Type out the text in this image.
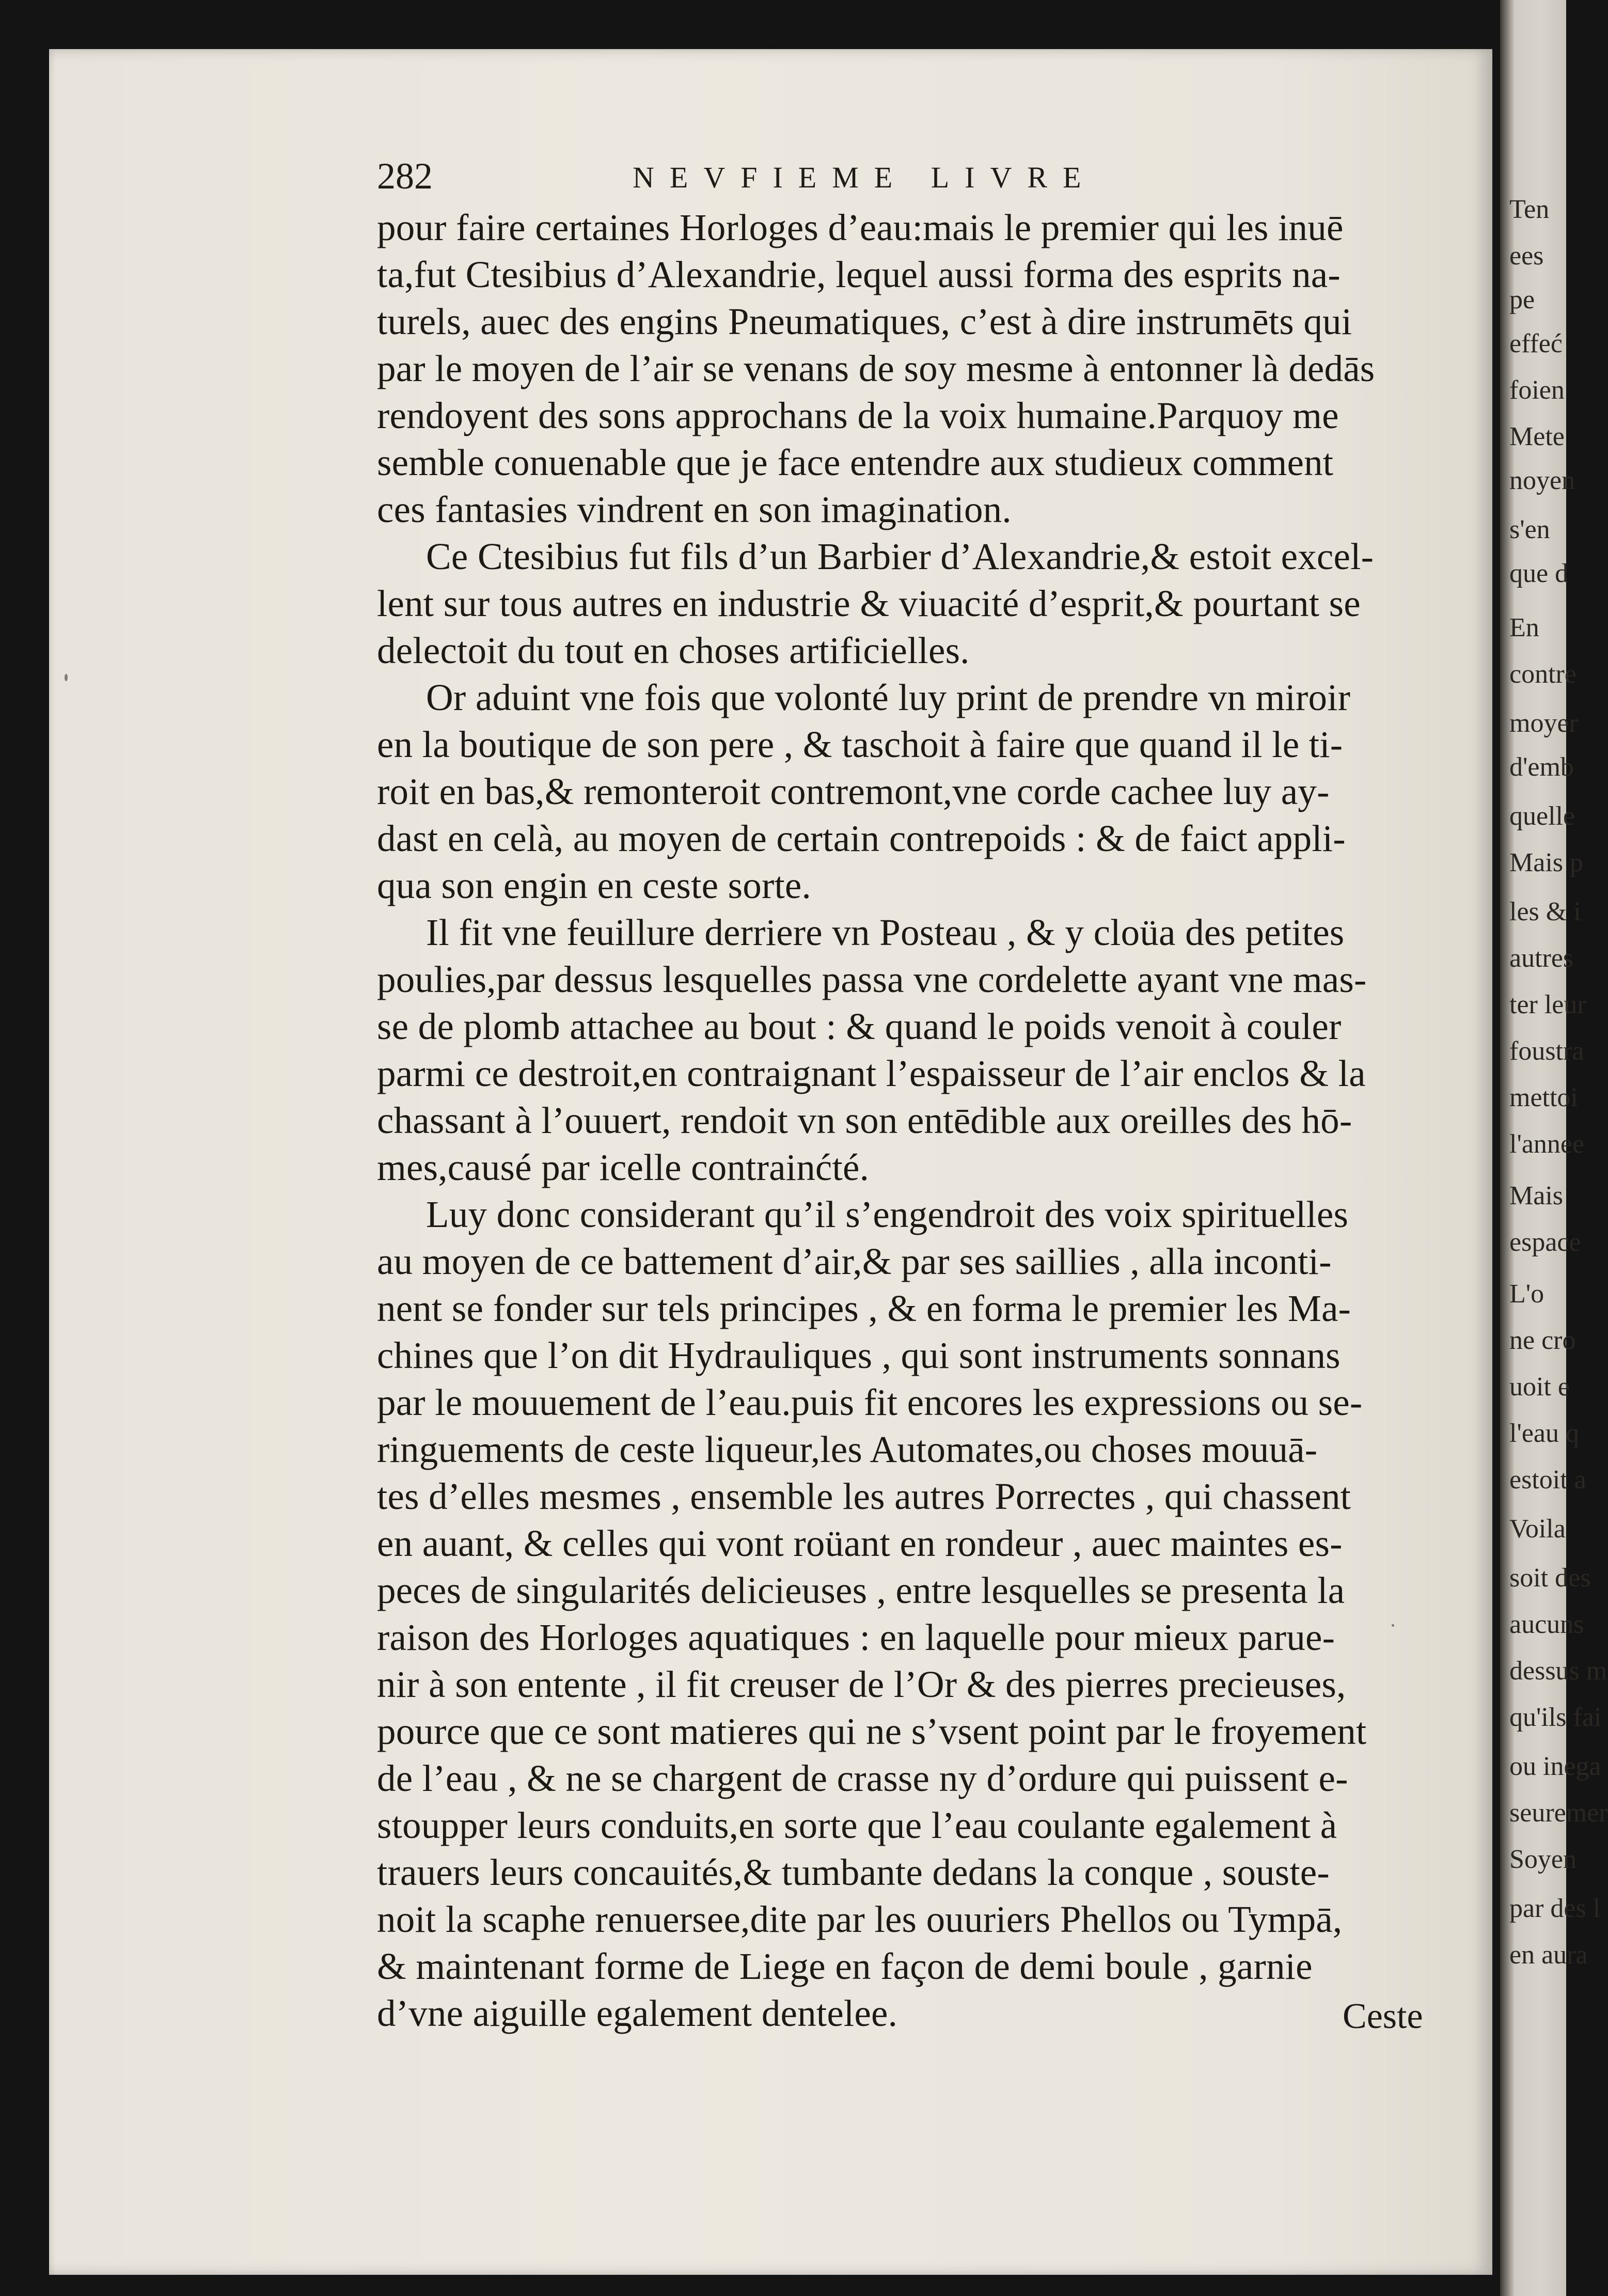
282	NEVFIEME LIVRE
pour faire certaines Horloges d’eau:mais le premier qui les inuē
ta,fut Ctesibius d’Alexandrie, lequel aussi forma des esprits na-
turels, auec des engins Pneumatiques, c’est à dire instrumēts qui
par le moyen de l’air se venans de soy mesme à entonner là dedās
rendoyent des sons approchans de la voix humaine.Parquoy me
semble conuenable que je face entendre aux studieux comment
ces fantasies vindrent en son imagination.
Ce Ctesibius fut fils d’un Barbier d’Alexandrie,& estoit excel-
lent sur tous autres en industrie & viuacité d’esprit,& pourtant se
delectoit du tout en choses artificielles.
Or aduint vne fois que volonté luy print de prendre vn miroir
en la boutique de son pere , & taschoit à faire que quand il le ti-
roit en bas,& remonteroit contremont,vne corde cachee luy ay-
dast en celà, au moyen de certain contrepoids : & de faict appli-
qua son engin en ceste sorte.
Il fit vne feuillure derriere vn Posteau , & y cloüa des petites
poulies,par dessus lesquelles passa vne cordelette ayant vne mas-
se de plomb attachee au bout : & quand le poids venoit à couler
parmi ce destroit,en contraignant l’espaisseur de l’air enclos & la
chassant à l’ouuert, rendoit vn son entēdible aux oreilles des hō-
mes,causé par icelle contrainćté.
Luy donc considerant qu’il s’engendroit des voix spirituelles
au moyen de ce battement d’air,& par ses saillies , alla inconti-
nent se fonder sur tels principes , & en forma le premier les Ma-
chines que l’on dit Hydrauliques , qui sont instruments sonnans
par le mouuement de l’eau.puis fit encores les expressions ou se-
ringuements de ceste liqueur,les Automates,ou choses mouuā-
tes d’elles mesmes , ensemble les autres Porrectes , qui chassent
en auant, & celles qui vont roüant en rondeur , auec maintes es-
peces de singularités delicieuses , entre lesquelles se presenta la
raison des Horloges aquatiques : en laquelle pour mieux parue-
nir à son entente , il fit creuser de l’Or & des pierres precieuses,
pource que ce sont matieres qui ne s’vsent point par le froyement
de l’eau , & ne se chargent de crasse ny d’ordure qui puissent e-
stoupper leurs conduits,en sorte que l’eau coulante egalement à
trauers leurs concauités,& tumbante dedans la conque , souste-
noit la scaphe renuersee,dite par les ouuriers Phellos ou Tympā,
& maintenant forme de Liege en façon de demi boule , garnie
d’vne aiguille egalement dentelee.	Ceste
Ten
ees
pe
effeć
foien
Mete
noyen
s'en
que d
En
contre
moyer
d'emb
quelle
Mais p
les & i
autres
ter leur
foustra
mettoi
l'annee
Mais
espace
L'o
ne cro
uoit e
l'eau q
estoit a
Voila
soit des
aucuns
dessus m
qu'ils fai
ou inega
seuremer
Soyen
par des l
en aura
